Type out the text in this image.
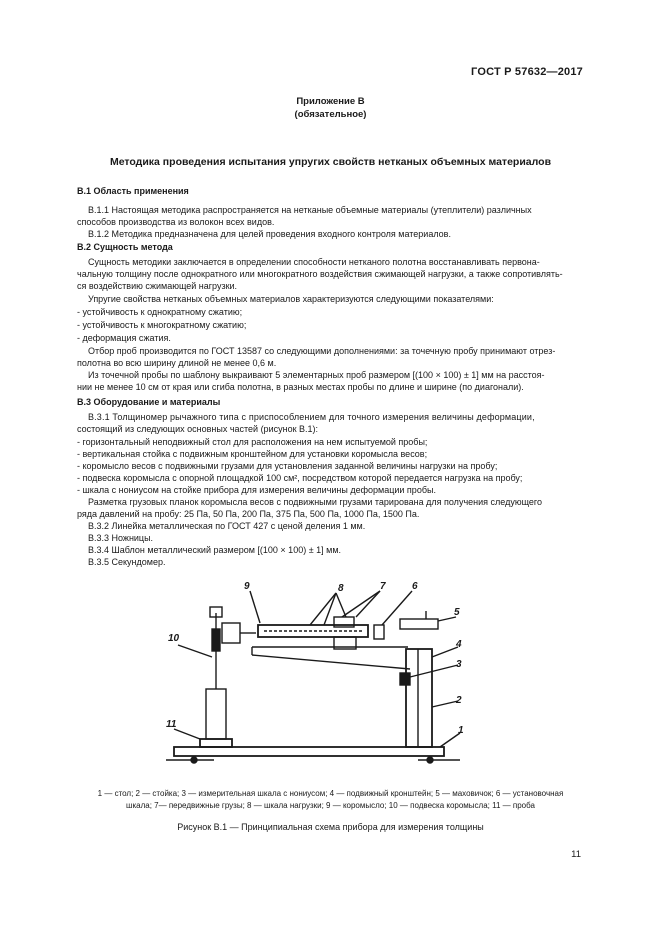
ГОСТ Р 57632—2017
Приложение В
(обязательное)
Методика проведения испытания упругих свойств нетканых объемных материалов
В.1 Область применения
В.1.1 Настоящая методика распространяется на нетканые объемные материалы (утеплители) различных
способов производства из волокон всех видов.
В.1.2 Методика предназначена для целей проведения входного контроля материалов.
В.2 Сущность метода
Сущность методики заключается в определении способности нетканого полотна восстанавливать первона-
чальную толщину после однократного или многократного воздействия сжимающей нагрузки, а также сопротивлять-
ся воздействию сжимающей нагрузки.
Упругие свойства нетканых объемных материалов характеризуются следующими показателями:
- устойчивость к однократному сжатию;
- устойчивость к многократному сжатию;
- деформация сжатия.
Отбор проб производится по ГОСТ 13587 со следующими дополнениями: за точечную пробу принимают отрез-
полотна во всю ширину длиной не менее 0,6 м.
Из точечной пробы по шаблону выкраивают 5 элементарных проб размером [(100 × 100) ± 1] мм на расстоя-
нии не менее 10 см от края или сгиба полотна, в разных местах пробы по длине и ширине (по диагонали).
В.3 Оборудование и материалы
В.3.1 Толщиномер рычажного типа с приспособлением для точного измерения величины деформации,
состоящий из следующих основных частей (рисунок В.1):
- горизонтальный неподвижный стол для расположения на нем испытуемой пробы;
- вертикальная стойка с подвижным кронштейном для установки коромысла весов;
- коромысло весов с подвижными грузами для установления заданной величины нагрузки на пробу;
- подвеска коромысла с опорной площадкой 100 см², посредством которой передается нагрузка на пробу;
- шкала с нониусом на стойке прибора для измерения величины деформации пробы.
Разметка грузовых планок коромысла весов с подвижными грузами тарирована для получения следующего
ряда давлений на пробу: 25 Па, 50 Па, 200 Па, 375 Па, 500 Па, 1000 Па, 1500 Па.
В.3.2 Линейка металлическая по ГОСТ 427 с ценой деления 1 мм.
В.3.3 Ножницы.
В.3.4 Шаблон металлический размером [(100 × 100) ± 1] мм.
В.3.5 Секундомер.
9	8	7	6
5
4
3
2
1
10
11
1 — стол; 2 — стойка; 3 — измерительная шкала с нониусом; 4 — подвижный кронштейн; 5 — маховичок; 6 — установочная
шкала; 7— передвижные грузы; 8 — шкала нагрузки; 9 — коромысло; 10 — подвеска коромысла; 11 — проба
Рисунок В.1 — Принципиальная схема прибора для измерения толщины
11
